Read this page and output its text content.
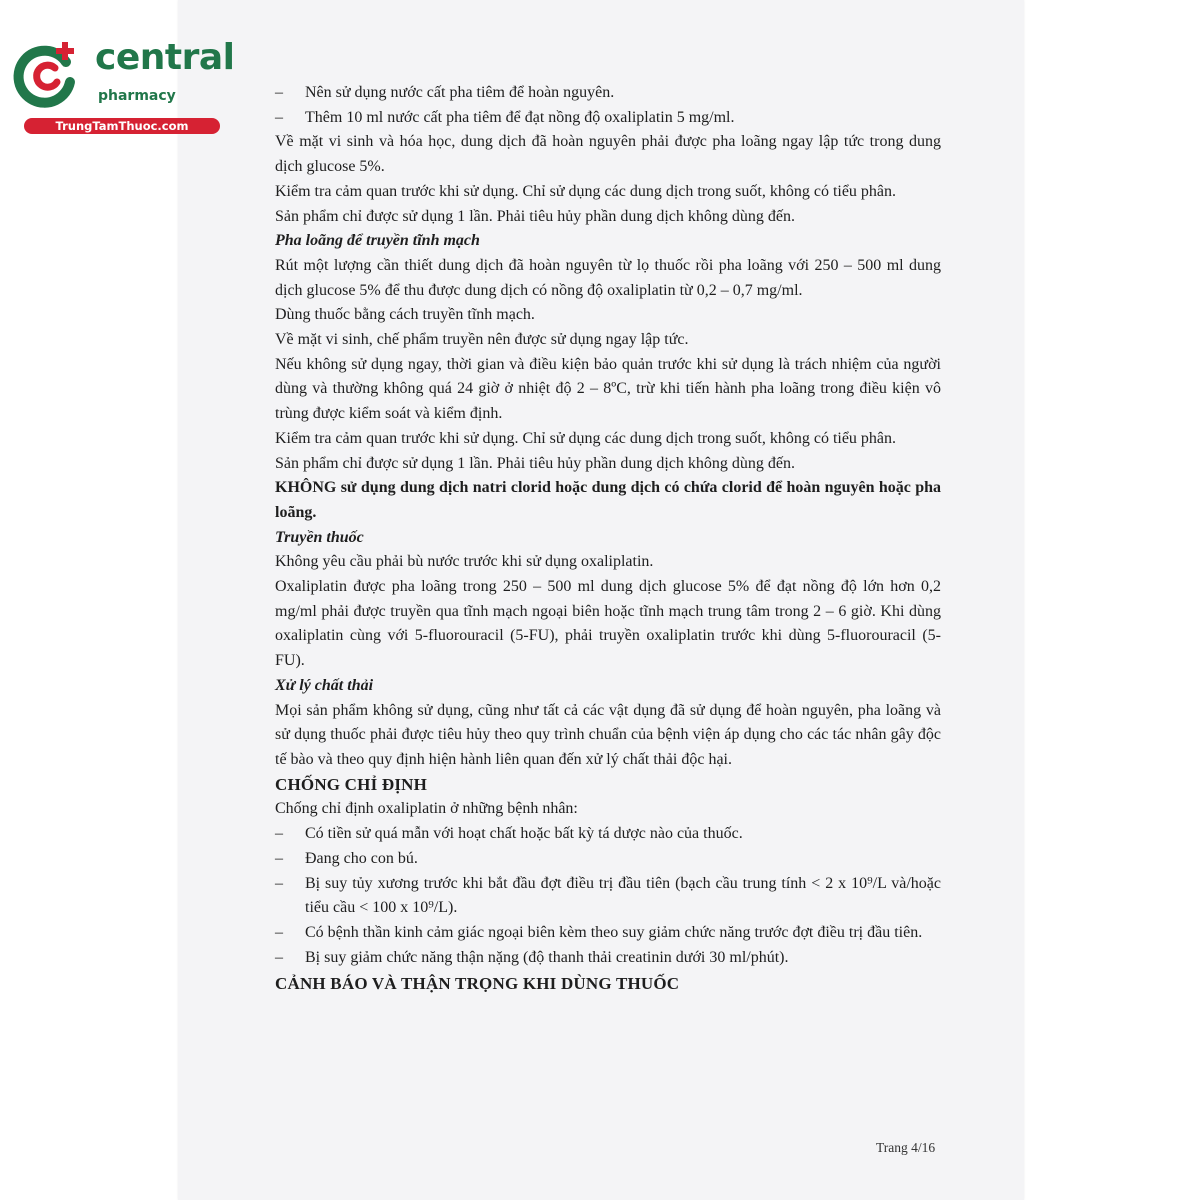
central
pharmacy
TrungTamThuoc.com

– Nên sử dụng nước cất pha tiêm để hoàn nguyên.

– Thêm 10 ml nước cất pha tiêm để đạt nồng độ oxaliplatin 5 mg/ml.

Về mặt vi sinh và hóa học, dung dịch đã hoàn nguyên phải được pha loãng ngay lập tức trong dung dịch glucose 5%.

Kiểm tra cảm quan trước khi sử dụng. Chỉ sử dụng các dung dịch trong suốt, không có tiểu phân.

Sản phẩm chỉ được sử dụng 1 lần. Phải tiêu hủy phần dung dịch không dùng đến.

Pha loãng để truyền tĩnh mạch

Rút một lượng cần thiết dung dịch đã hoàn nguyên từ lọ thuốc rồi pha loãng với 250 – 500 ml dung dịch glucose 5% để thu được dung dịch có nồng độ oxaliplatin từ 0,2 – 0,7 mg/ml.

Dùng thuốc bằng cách truyền tĩnh mạch.

Về mặt vi sinh, chế phẩm truyền nên được sử dụng ngay lập tức.

Nếu không sử dụng ngay, thời gian và điều kiện bảo quản trước khi sử dụng là trách nhiệm của người dùng và thường không quá 24 giờ ở nhiệt độ 2 – 8ºC, trừ khi tiến hành pha loãng trong điều kiện vô trùng được kiểm soát và kiểm định.

Kiểm tra cảm quan trước khi sử dụng. Chỉ sử dụng các dung dịch trong suốt, không có tiểu phân.

Sản phẩm chỉ được sử dụng 1 lần. Phải tiêu hủy phần dung dịch không dùng đến.

KHÔNG sử dụng dung dịch natri clorid hoặc dung dịch có chứa clorid để hoàn nguyên hoặc pha loãng.

Truyền thuốc

Không yêu cầu phải bù nước trước khi sử dụng oxaliplatin.

Oxaliplatin được pha loãng trong 250 – 500 ml dung dịch glucose 5% để đạt nồng độ lớn hơn 0,2 mg/ml phải được truyền qua tĩnh mạch ngoại biên hoặc tĩnh mạch trung tâm trong 2 – 6 giờ. Khi dùng oxaliplatin cùng với 5-fluorouracil (5-FU), phải truyền oxaliplatin trước khi dùng 5-fluorouracil (5-FU).

Xử lý chất thải

Mọi sản phẩm không sử dụng, cũng như tất cả các vật dụng đã sử dụng để hoàn nguyên, pha loãng và sử dụng thuốc phải được tiêu hủy theo quy trình chuẩn của bệnh viện áp dụng cho các tác nhân gây độc tế bào và theo quy định hiện hành liên quan đến xử lý chất thải độc hại.

CHỐNG CHỈ ĐỊNH

Chống chỉ định oxaliplatin ở những bệnh nhân:

– Có tiền sử quá mẫn với hoạt chất hoặc bất kỳ tá dược nào của thuốc.

– Đang cho con bú.

– Bị suy tủy xương trước khi bắt đầu đợt điều trị đầu tiên (bạch cầu trung tính < 2 x 10⁹/L và/hoặc tiểu cầu < 100 x 10⁹/L).

– Có bệnh thần kinh cảm giác ngoại biên kèm theo suy giảm chức năng trước đợt điều trị đầu tiên.

– Bị suy giảm chức năng thận nặng (độ thanh thải creatinin dưới 30 ml/phút).

CẢNH BÁO VÀ THẬN TRỌNG KHI DÙNG THUỐC

Trang 4/16
